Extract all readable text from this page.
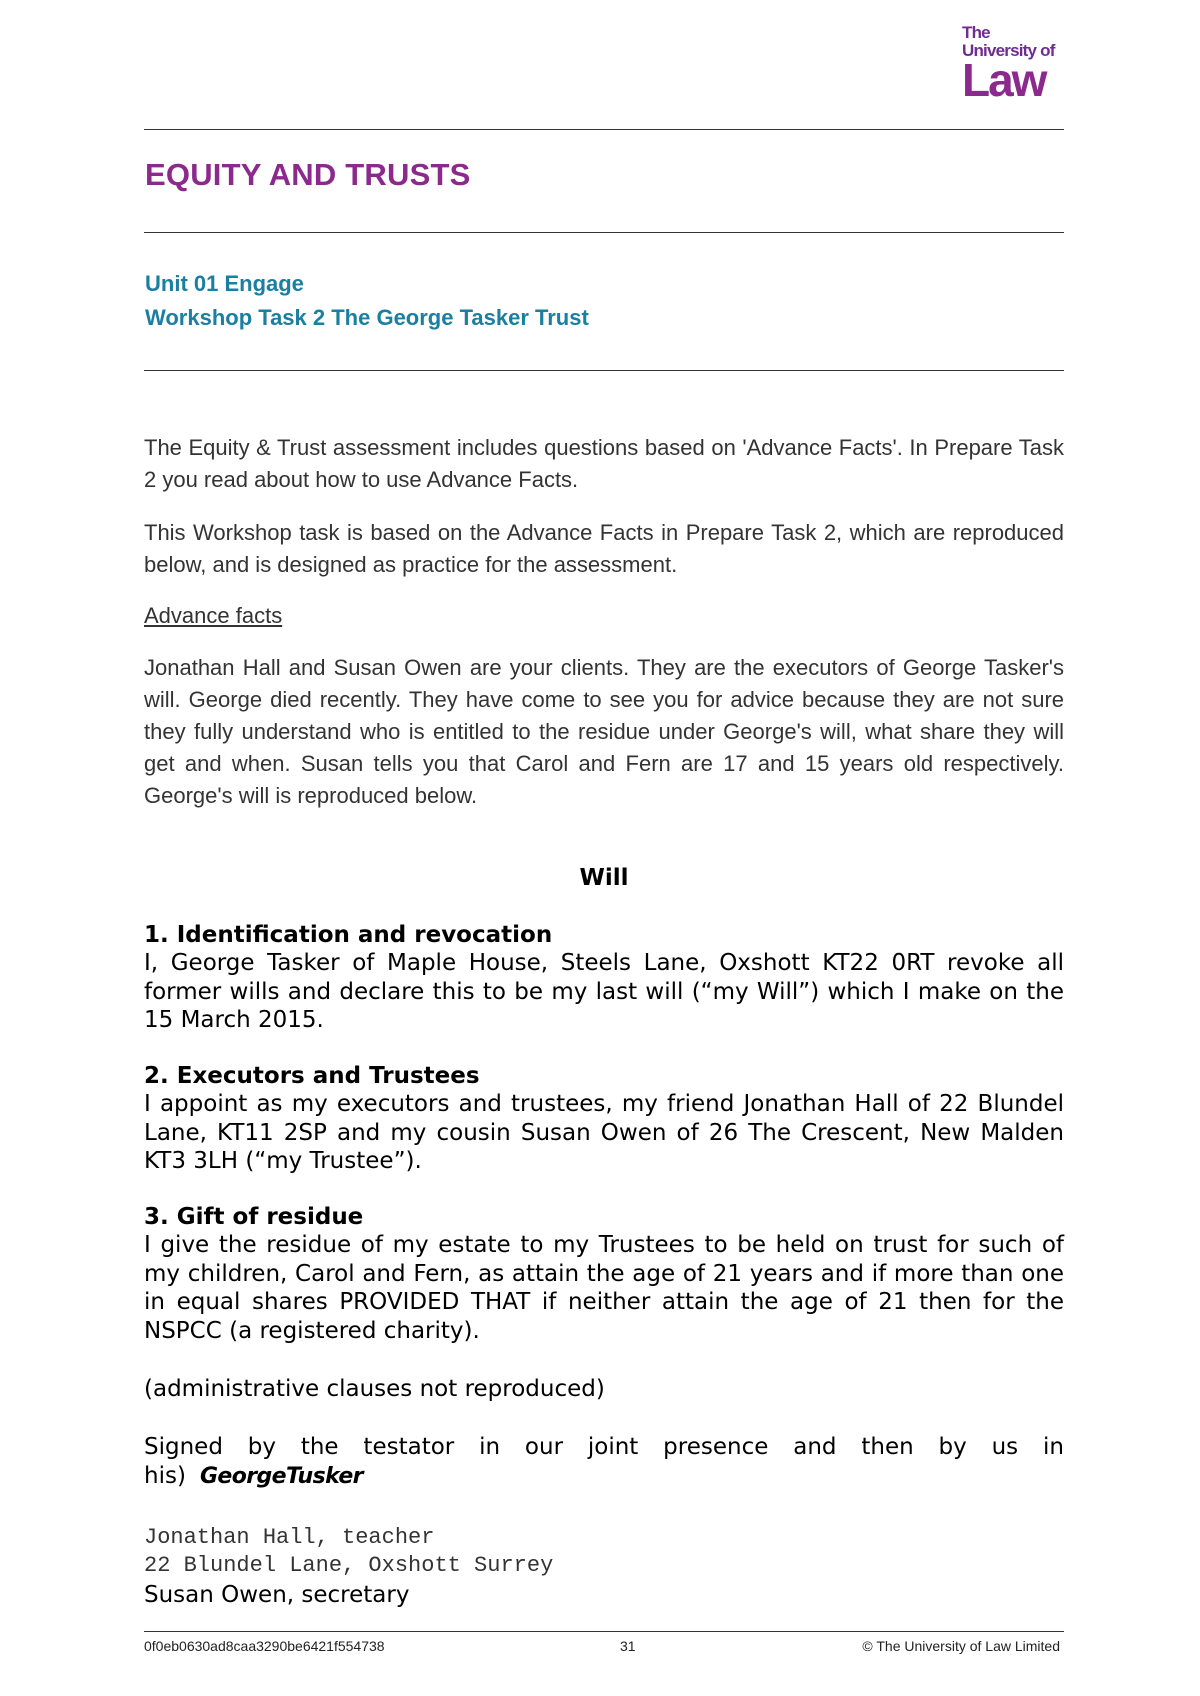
The
University of
Law
EQUITY AND TRUSTS

Unit 01 Engage

Workshop Task 2 The George Tasker Trust

The Equity & Trust assessment includes questions based on 'Advance Facts'. In Prepare Task 2 you read about how to use Advance Facts.

This Workshop task is based on the Advance Facts in Prepare Task 2, which are reproduced below, and is designed as practice for the assessment.

Advance facts

Jonathan Hall and Susan Owen are your clients. They are the executors of George Tasker's will. George died recently. They have come to see you for advice because they are not sure they fully understand who is entitled to the residue under George's will, what share they will get and when. Susan tells you that Carol and Fern are 17 and 15 years old respectively. George's will is reproduced below.

Will

1. Identification and revocation

I, George Tasker of Maple House, Steels Lane, Oxshott KT22 0RT revoke all former wills and declare this to be my last will (“my Will”) which I make on the 15 March 2015.

2. Executors and Trustees

I appoint as my executors and trustees, my friend Jonathan Hall of 22 Blundel Lane, KT11 2SP and my cousin Susan Owen of 26 The Crescent, New Malden KT3 3LH (“my Trustee”).

3. Gift of residue

I give the residue of my estate to my Trustees to be held on trust for such of my children, Carol and Fern, as attain the age of 21 years and if more than one in equal shares PROVIDED THAT if neither attain the age of 21 then for the NSPCC (a registered charity).

(administrative clauses not reproduced)

Signed by the testator in our joint presence and then by us in his) GeorgeTusker

Jonathan Hall, teacher

22 Blundel Lane, Oxshott Surrey

Susan Owen, secretary

0f0eb0630ad8caa3290be6421f554738	31	© The University of Law Limited
